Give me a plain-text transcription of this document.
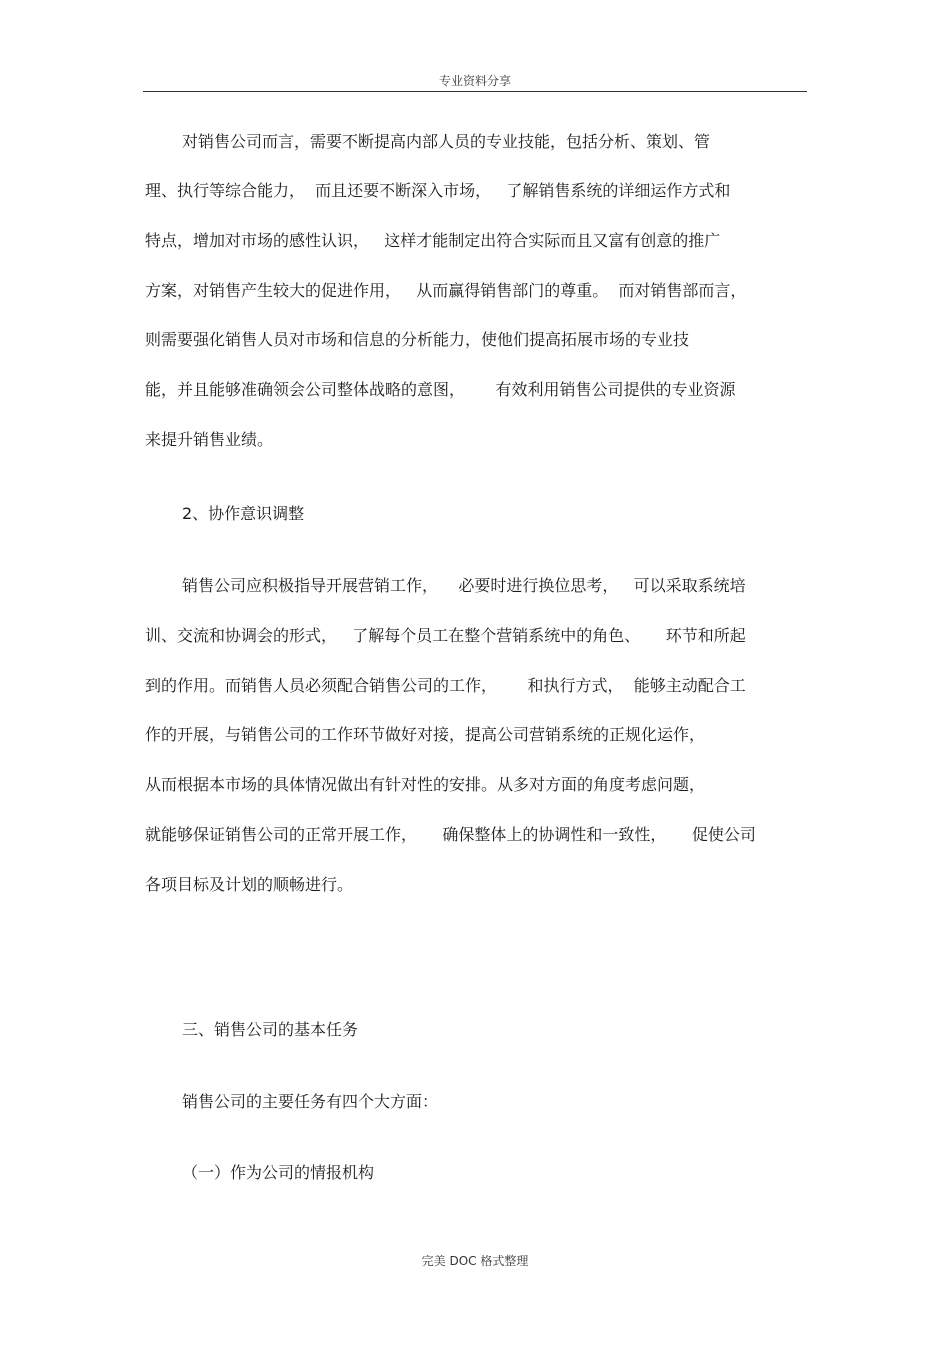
专业资料分享
对销售公司而言，需要不断提高内部人员的专业技能，包括分析、策划、管
理、执行等综合能力，  而且还要不断深入市场，   了解销售系统的详细运作方式和
特点，增加对市场的感性认识，   这样才能制定出符合实际而且又富有创意的推广
方案，对销售产生较大的促进作用，   从而赢得销售部门的尊重。  而对销售部而言，
则需要强化销售人员对市场和信息的分析能力，使他们提高拓展市场的专业技
能，并且能够准确领会公司整体战略的意图，      有效利用销售公司提供的专业资源
来提升销售业绩。
2、协作意识调整
销售公司应积极指导开展营销工作，    必要时进行换位思考，   可以采取系统培
训、交流和协调会的形式，   了解每个员工在整个营销系统中的角色、     环节和所起
到的作用。而销售人员必须配合销售公司的工作，      和执行方式，  能够主动配合工
作的开展，与销售公司的工作环节做好对接，提高公司营销系统的正规化运作，
从而根据本市场的具体情况做出有针对性的安排。从多对方面的角度考虑问题，
就能够保证销售公司的正常开展工作，     确保整体上的协调性和一致性，     促使公司
各项目标及计划的顺畅进行。
三、销售公司的基本任务
销售公司的主要任务有四个大方面：
（一）作为公司的情报机构
完美 DOC 格式整理
